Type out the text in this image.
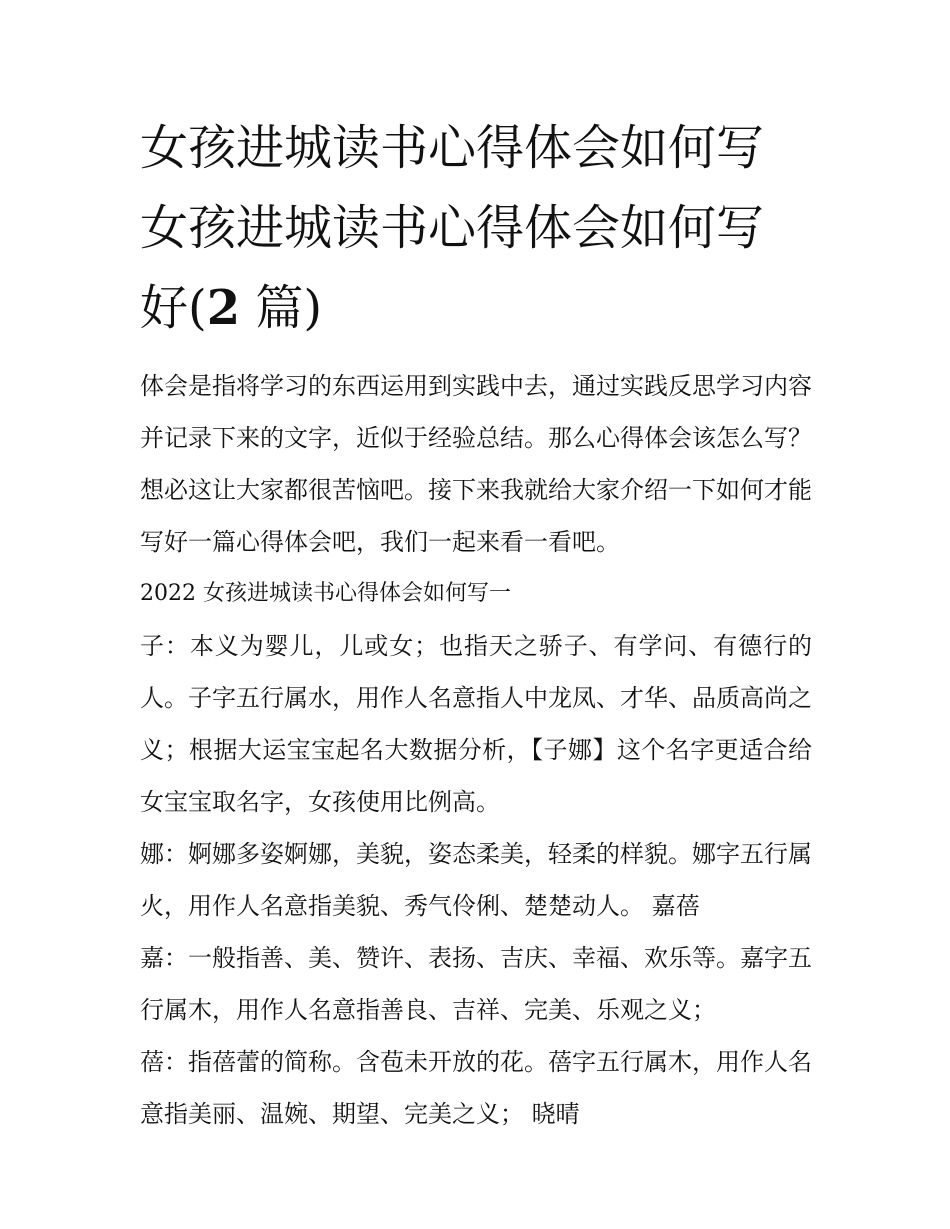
女孩进城读书心得体会如何写
女孩进城读书心得体会如何写
好(2 篇)

体会是指将学习的东西运用到实践中去，通过实践反思学习内容并记录下来的文字，近似于经验总结。那么心得体会该怎么写？想必这让大家都很苦恼吧。接下来我就给大家介绍一下如何才能写好一篇心得体会吧，我们一起来看一看吧。

2022 女孩进城读书心得体会如何写一

子：本义为婴儿，儿或女；也指天之骄子、有学问、有德行的人。子字五行属水，用作人名意指人中龙凤、才华、品质高尚之义；根据大运宝宝起名大数据分析，【子娜】这个名字更适合给女宝宝取名字，女孩使用比例高。

娜：婀娜多姿婀娜，美貌，姿态柔美，轻柔的样貌。娜字五行属火，用作人名意指美貌、秀气伶俐、楚楚动人。 嘉蓓

嘉：一般指善、美、赞许、表扬、吉庆、幸福、欢乐等。嘉字五行属木，用作人名意指善良、吉祥、完美、乐观之义；

蓓：指蓓蕾的简称。含苞未开放的花。蓓字五行属木，用作人名意指美丽、温婉、期望、完美之义； 晓晴
